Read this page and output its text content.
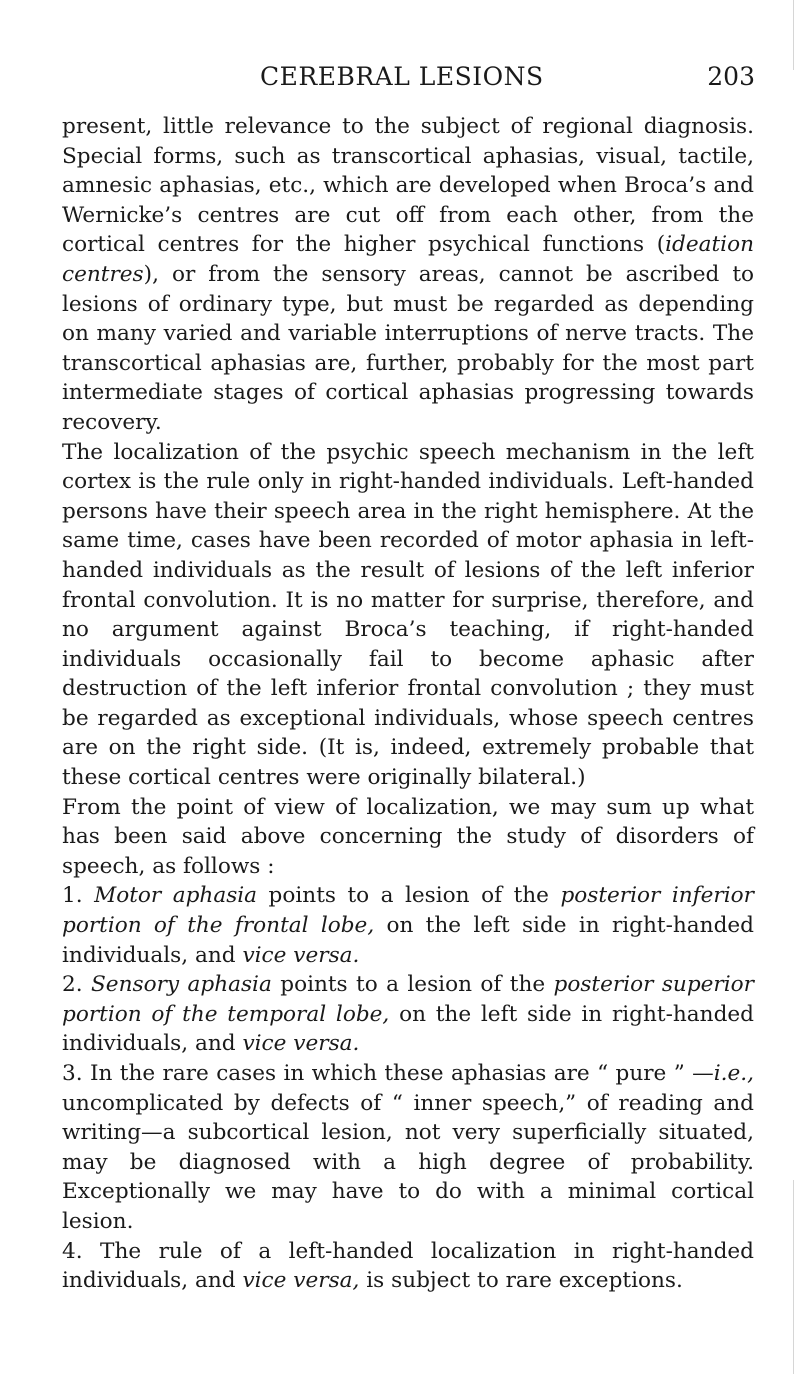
CEREBRAL LESIONS	203

present, little relevance to the subject of regional diagnosis. Special forms, such as transcortical aphasias, visual, tactile, amnesic aphasias, etc., which are developed when Broca’s and Wernicke’s centres are cut off from each other, from the cortical centres for the higher psychical functions (ideation centres), or from the sensory areas, cannot be ascribed to lesions of ordinary type, but must be regarded as depending on many varied and variable interruptions of nerve tracts. The transcortical aphasias are, further, probably for the most part intermediate stages of cortical aphasias progressing towards recovery.

The localization of the psychic speech mechanism in the left cortex is the rule only in right-handed individuals. Left-handed persons have their speech area in the right hemisphere. At the same time, cases have been recorded of motor aphasia in left-handed individuals as the result of lesions of the left inferior frontal convolution. It is no matter for surprise, therefore, and no argument against Broca’s teaching, if right-handed individuals occasionally fail to become aphasic after destruction of the left inferior frontal convolution ; they must be regarded as exceptional individuals, whose speech centres are on the right side. (It is, indeed, extremely probable that these cortical centres were originally bilateral.)

From the point of view of localization, we may sum up what has been said above concerning the study of disorders of speech, as follows :

1. Motor aphasia points to a lesion of the posterior inferior portion of the frontal lobe, on the left side in right-handed individuals, and vice versa.

2. Sensory aphasia points to a lesion of the posterior superior portion of the temporal lobe, on the left side in right-handed individuals, and vice versa.

3. In the rare cases in which these aphasias are “ pure ” —i.e., uncomplicated by defects of “ inner speech,” of reading and writing—a subcortical lesion, not very superficially situated, may be diagnosed with a high degree of probability. Exceptionally we may have to do with a minimal cortical lesion.

4. The rule of a left-handed localization in right-handed individuals, and vice versa, is subject to rare exceptions.
